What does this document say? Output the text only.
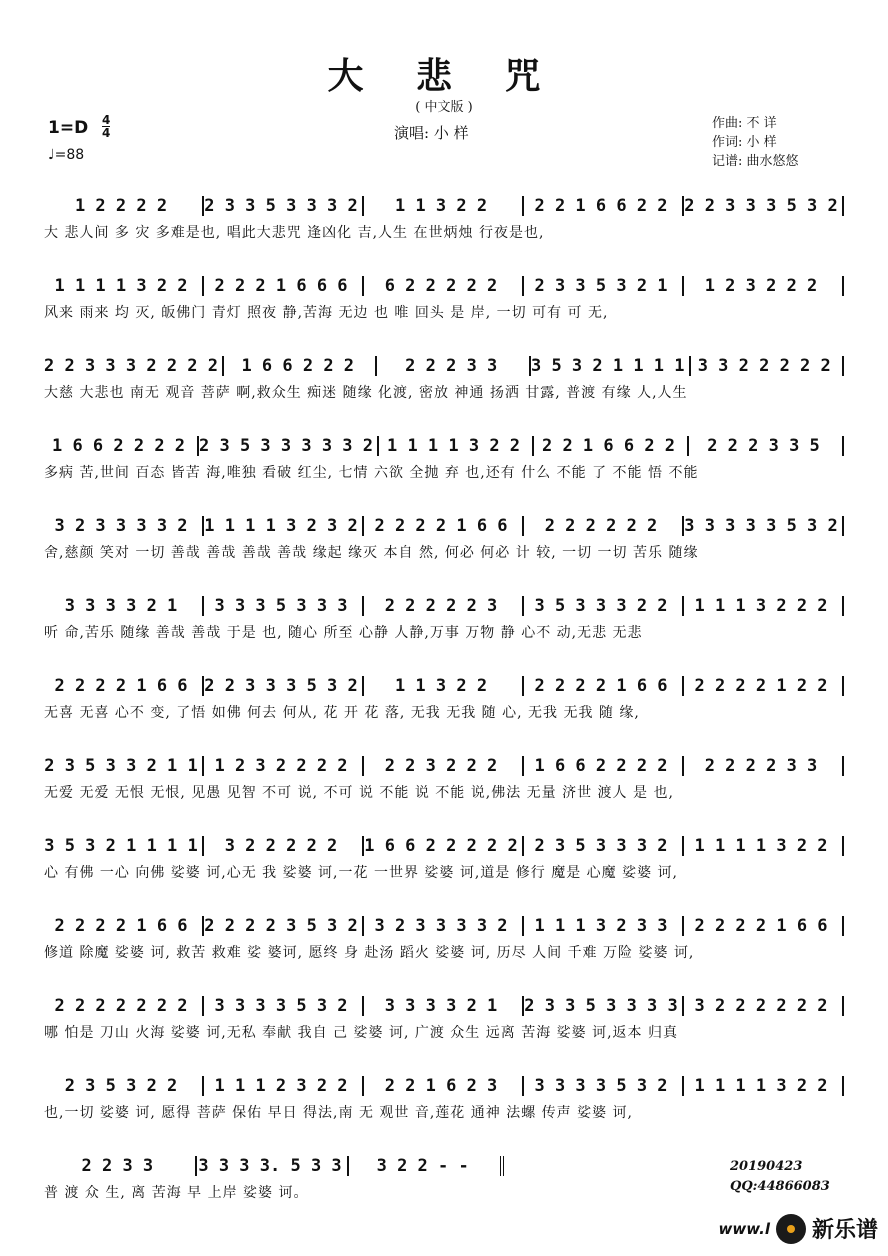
大 悲 咒
( 中文版 )
1=D 4
4
♩=88
演唱: 小 样
作曲: 不 详
作词: 小 样
记谱: 曲水悠悠
1 2 2 2 2 2 3 3 5 3 3 3 2 1 1 3 2 2	2 2 1 6 6 2 2 2 2 3 3 3 5 3 2
大 悲人间 多 灾 多难是也, 唱此大悲咒 逢凶化 吉,人生 在世炳烛 行夜是也,
1 1 1 1 3 2 2 2 2 2 1 6 6 6 6 2 2 2 2 2 2 3 3 5 3 2 1 1 2 3 2 2 2
风来 雨来 均 灭, 皈佛门 青灯 照夜 静,苦海 无边 也 唯 回头 是 岸, 一切 可有 可 无,
2 2 3 3 3 2 2 2 2 1 6 6 2 2 2	2 2 2 3 3 3 5 3 2 1 1 1 1 3 3 2 2 2 2 2
大慈 大悲也 南无 观音 菩萨 啊,救众生 痴迷 随缘 化渡, 密放 神通 扬洒 甘露, 普渡 有缘 人,人生
1 6 6 2 2 2 2 2 3 5 3 3 3 3 3 2 1 1 1 1 3 2 2 2 2 1 6 6 2 2 2 2 2 3 3 5
多病 苦,世间 百态 皆苦 海,唯独 看破 红尘, 七情 六欲 全抛 弃 也,还有 什么 不能 了 不能 悟 不能
3 2 3 3 3 3 2 1 1 1 1 3 2 3 2 2 2 2 2 1 6 6 2 2 2 2 2 2 3 3 3 3 3 5 3 2
舍,慈颜 笑对 一切 善哉 善哉 善哉 善哉 缘起 缘灭 本自 然, 何必 何必 计 较, 一切 一切 苦乐 随缘
3 3 3 3 2 1 3 3 3 5 3 3 3 2 2 2 2 2 3 3 5 3 3 3 2 2 1 1 1 3 2 2 2
听 命,苦乐 随缘 善哉 善哉 于是 也, 随心 所至 心静 人静,万事 万物 静 心不 动,无悲 无悲
2 2 2 2 1 6 6 2 2 3 3 3 5 3 2 1 1 3 2 2	2 2 2 2 1 6 6 2 2 2 2 1 2 2
无喜 无喜 心不 变, 了悟 如佛 何去 何从, 花 开 花 落, 无我 无我 随 心, 无我 无我 随 缘,
2 3 5 3 3 2 1 1 1 2 3 2 2 2 2 2 2 3 2 2 2 1 6 6 2 2 2 2 2 2 2 2 3 3
无爱 无爱 无恨 无恨, 见愚 见智 不可 说, 不可 说 不能 说 不能 说,佛法 无量 济世 渡人 是 也,
3 5 3 2 1 1 1 1 3 2 2 2 2 2 1 6 6 2 2 2 2 2 2 3 5 3 3 3 2 1 1 1 1 3 2 2
心 有佛 一心 向佛 娑婆 诃,心无 我 娑婆 诃,一花 一世界 娑婆 诃,道是 修行 魔是 心魔 娑婆 诃,
2 2 2 2 1 6 6 2 2 2 2 3 5 3 2 3 2 3 3 3 3 2 1 1 1 3 2 3 3 2 2 2 2 1 6 6
修道 除魔 娑婆 诃, 救苦 救难 娑 婆诃, 愿终 身 赴汤 蹈火 娑婆 诃, 历尽 人间 千难 万险 娑婆 诃,
2 2 2 2 2 2 2 3 3 3 3 5 3 2 3 3 3 3 2 1 2 3 3 5 3 3 3 3 3 2 2 2 2 2 2
哪 怕是 刀山 火海 娑婆 诃,无私 奉献 我自 己 娑婆 诃, 广渡 众生 远离 苦海 娑婆 诃,返本 归真
2 3 5 3 2 2 1 1 1 2 3 2 2 2 2 1 6 2 3 3 3 3 3 5 3 2 1 1 1 1 3 2 2
也,一切 娑婆 诃, 愿得 菩萨 保佑 早日 得法,南 无 观世 音,莲花 通神 法螺 传声 娑婆 诃,
2 2 3 3	3 3 3 3. 5 3 3 3 2 2 - -
普 渡 众 生, 离 苦海 早 上岸 娑婆 诃。
20190423
QQ:44866083
www.l 新乐谱
